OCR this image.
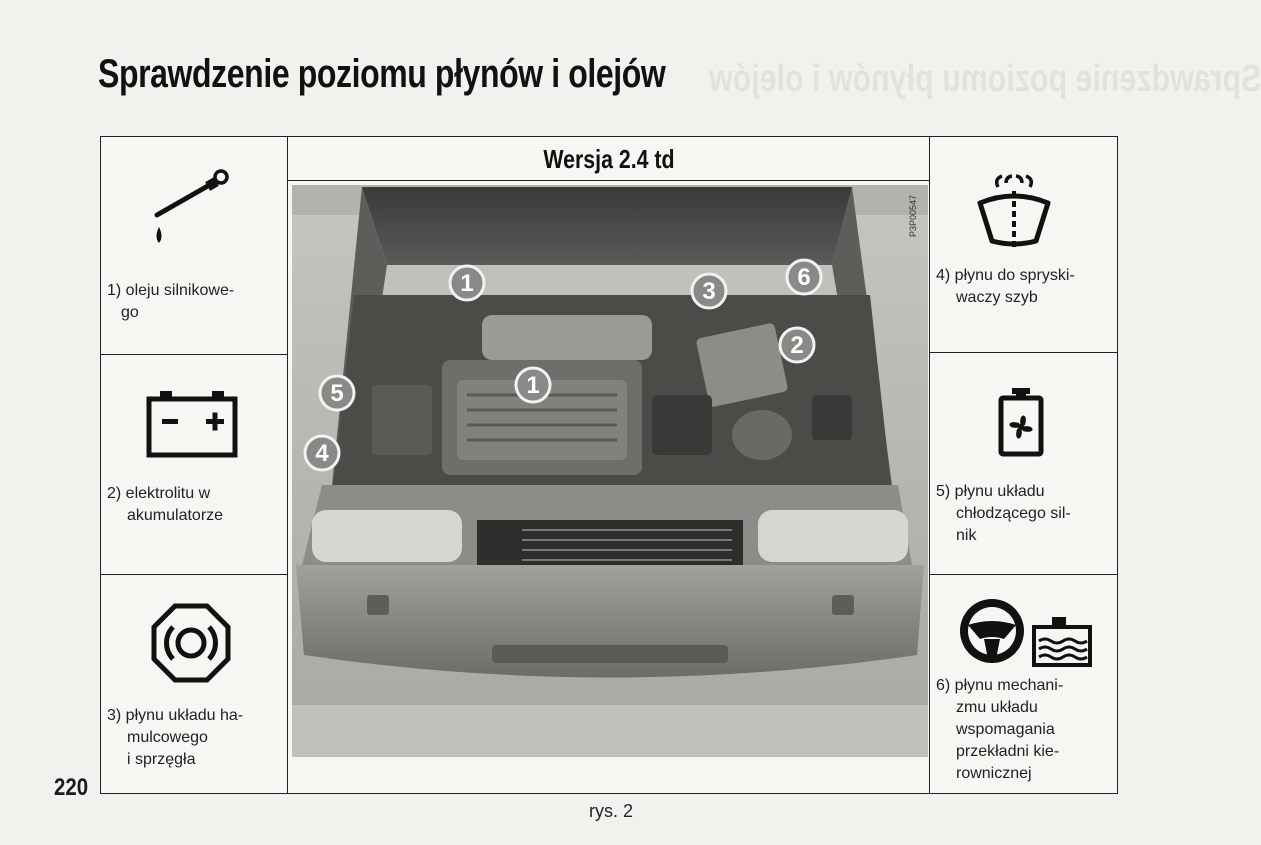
Sprawdzenie poziomu płynów i olejów
Sprawdzenie poziomu płynów i olejów
1) oleju silnikowe-
go
2) elektrolitu w
akumulatorze
3) płynu układu ha-
mulcowego
i sprzęgła
Wersja 2.4 td
P3P00547
1
1
2
3
4
5
6	4) płynu do spryski-
waczy szyb
5) płynu układu
chłodzącego sil-
nik
6) płynu mechani-
zmu układu
wspomagania
przekładni kie-
rownicznej
220
rys. 2
